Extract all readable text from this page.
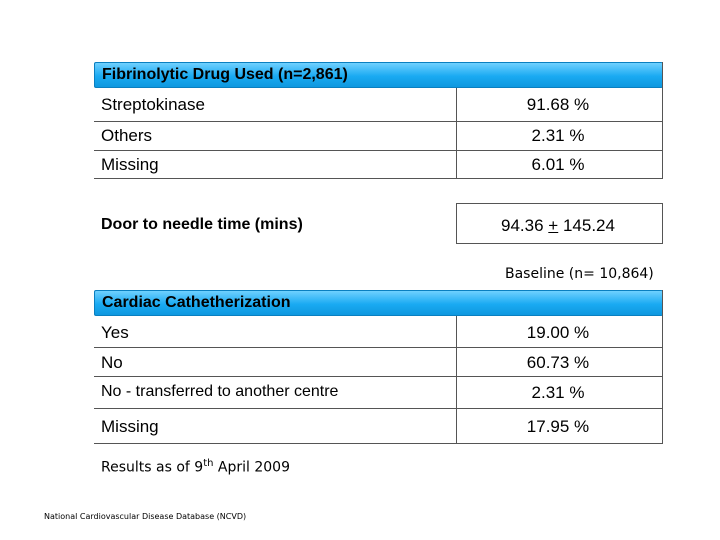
Fibrinolytic Drug Used (n=2,861)
Streptokinase	91.68 %
Others	2.31 %
Missing	6.01 %
Door to needle time (mins)	94.36 + 145.24
Baseline (n= 10,864)
Cardiac Cathetherization
Yes	19.00 %
No	60.73 %
No - transferred to another centre	2.31 %
Missing	17.95 %
Results as of 9th April 2009
National Cardiovascular Disease Database (NCVD)
